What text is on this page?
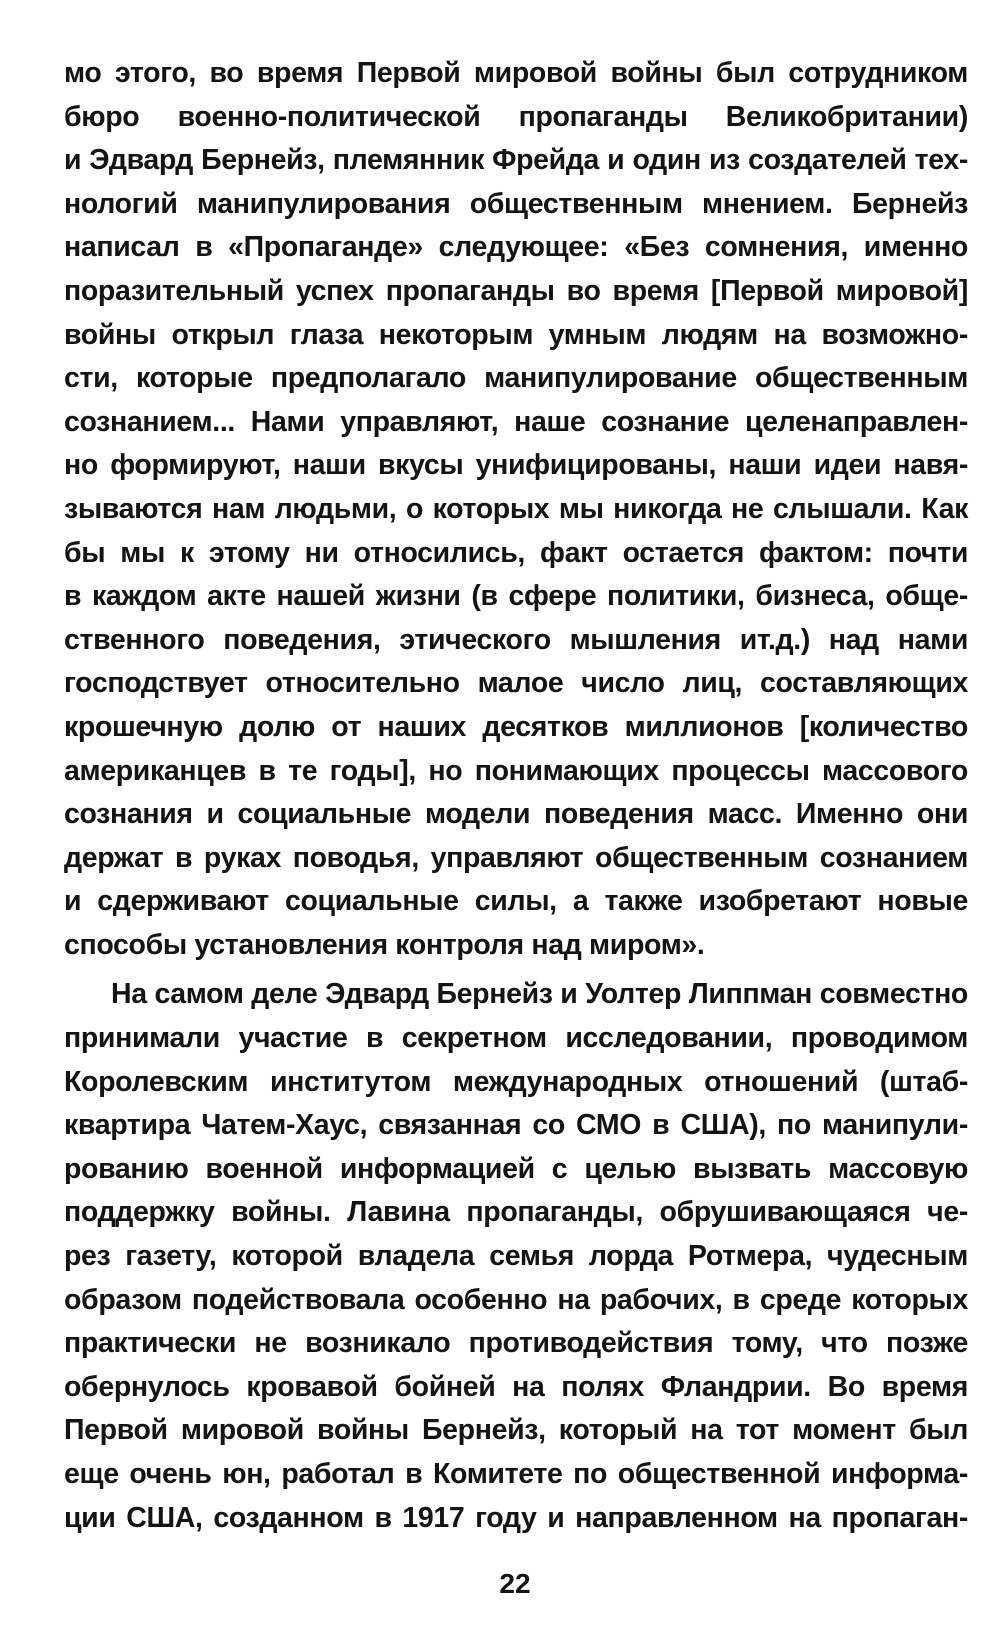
мо этого, во время Первой мировой войны был сотрудником
бюро военно-политической пропаганды Великобритании)
и Эдвард Бернейз, племянник Фрейда и один из создателей тех-
нологий манипулирования общественным мнением. Бернейз
написал в «Пропаганде» следующее: «Без сомнения, именно
поразительный успех пропаганды во время [Первой мировой]
войны открыл глаза некоторым умным людям на возможно-
сти, которые предполагало манипулирование общественным
сознанием... Нами управляют, наше сознание целенаправлен-
но формируют, наши вкусы унифицированы, наши идеи навя-
зываются нам людьми, о которых мы никогда не слышали. Как
бы мы к этому ни относились, факт остается фактом: почти
в каждом акте нашей жизни (в сфере политики, бизнеса, обще-
ственного поведения, этического мышления ит.д.) над нами
господствует относительно малое число лиц, составляющих
крошечную долю от наших десятков миллионов [количество
американцев в те годы], но понимающих процессы массового
сознания и социальные модели поведения масс. Именно они
держат в руках поводья, управляют общественным сознанием
и сдерживают социальные силы, а также изобретают новые
способы установления контроля над миром».
На самом деле Эдвард Бернейз и Уолтер Липпман совместно
принимали участие в секретном исследовании, проводимом
Королевским институтом международных отношений (штаб-
квартира Чатем-Хаус, связанная со СМО в США), по манипули-
рованию военной информацией с целью вызвать массовую
поддержку войны. Лавина пропаганды, обрушивающаяся че-
рез газету, которой владела семья лорда Ротмера, чудесным
образом подействовала особенно на рабочих, в среде которых
практически не возникало противодействия тому, что позже
обернулось кровавой бойней на полях Фландрии. Во время
Первой мировой войны Бернейз, который на тот момент был
еще очень юн, работал в Комитете по общественной информа-
ции США, созданном в 1917 году и направленном на пропаган-
22
